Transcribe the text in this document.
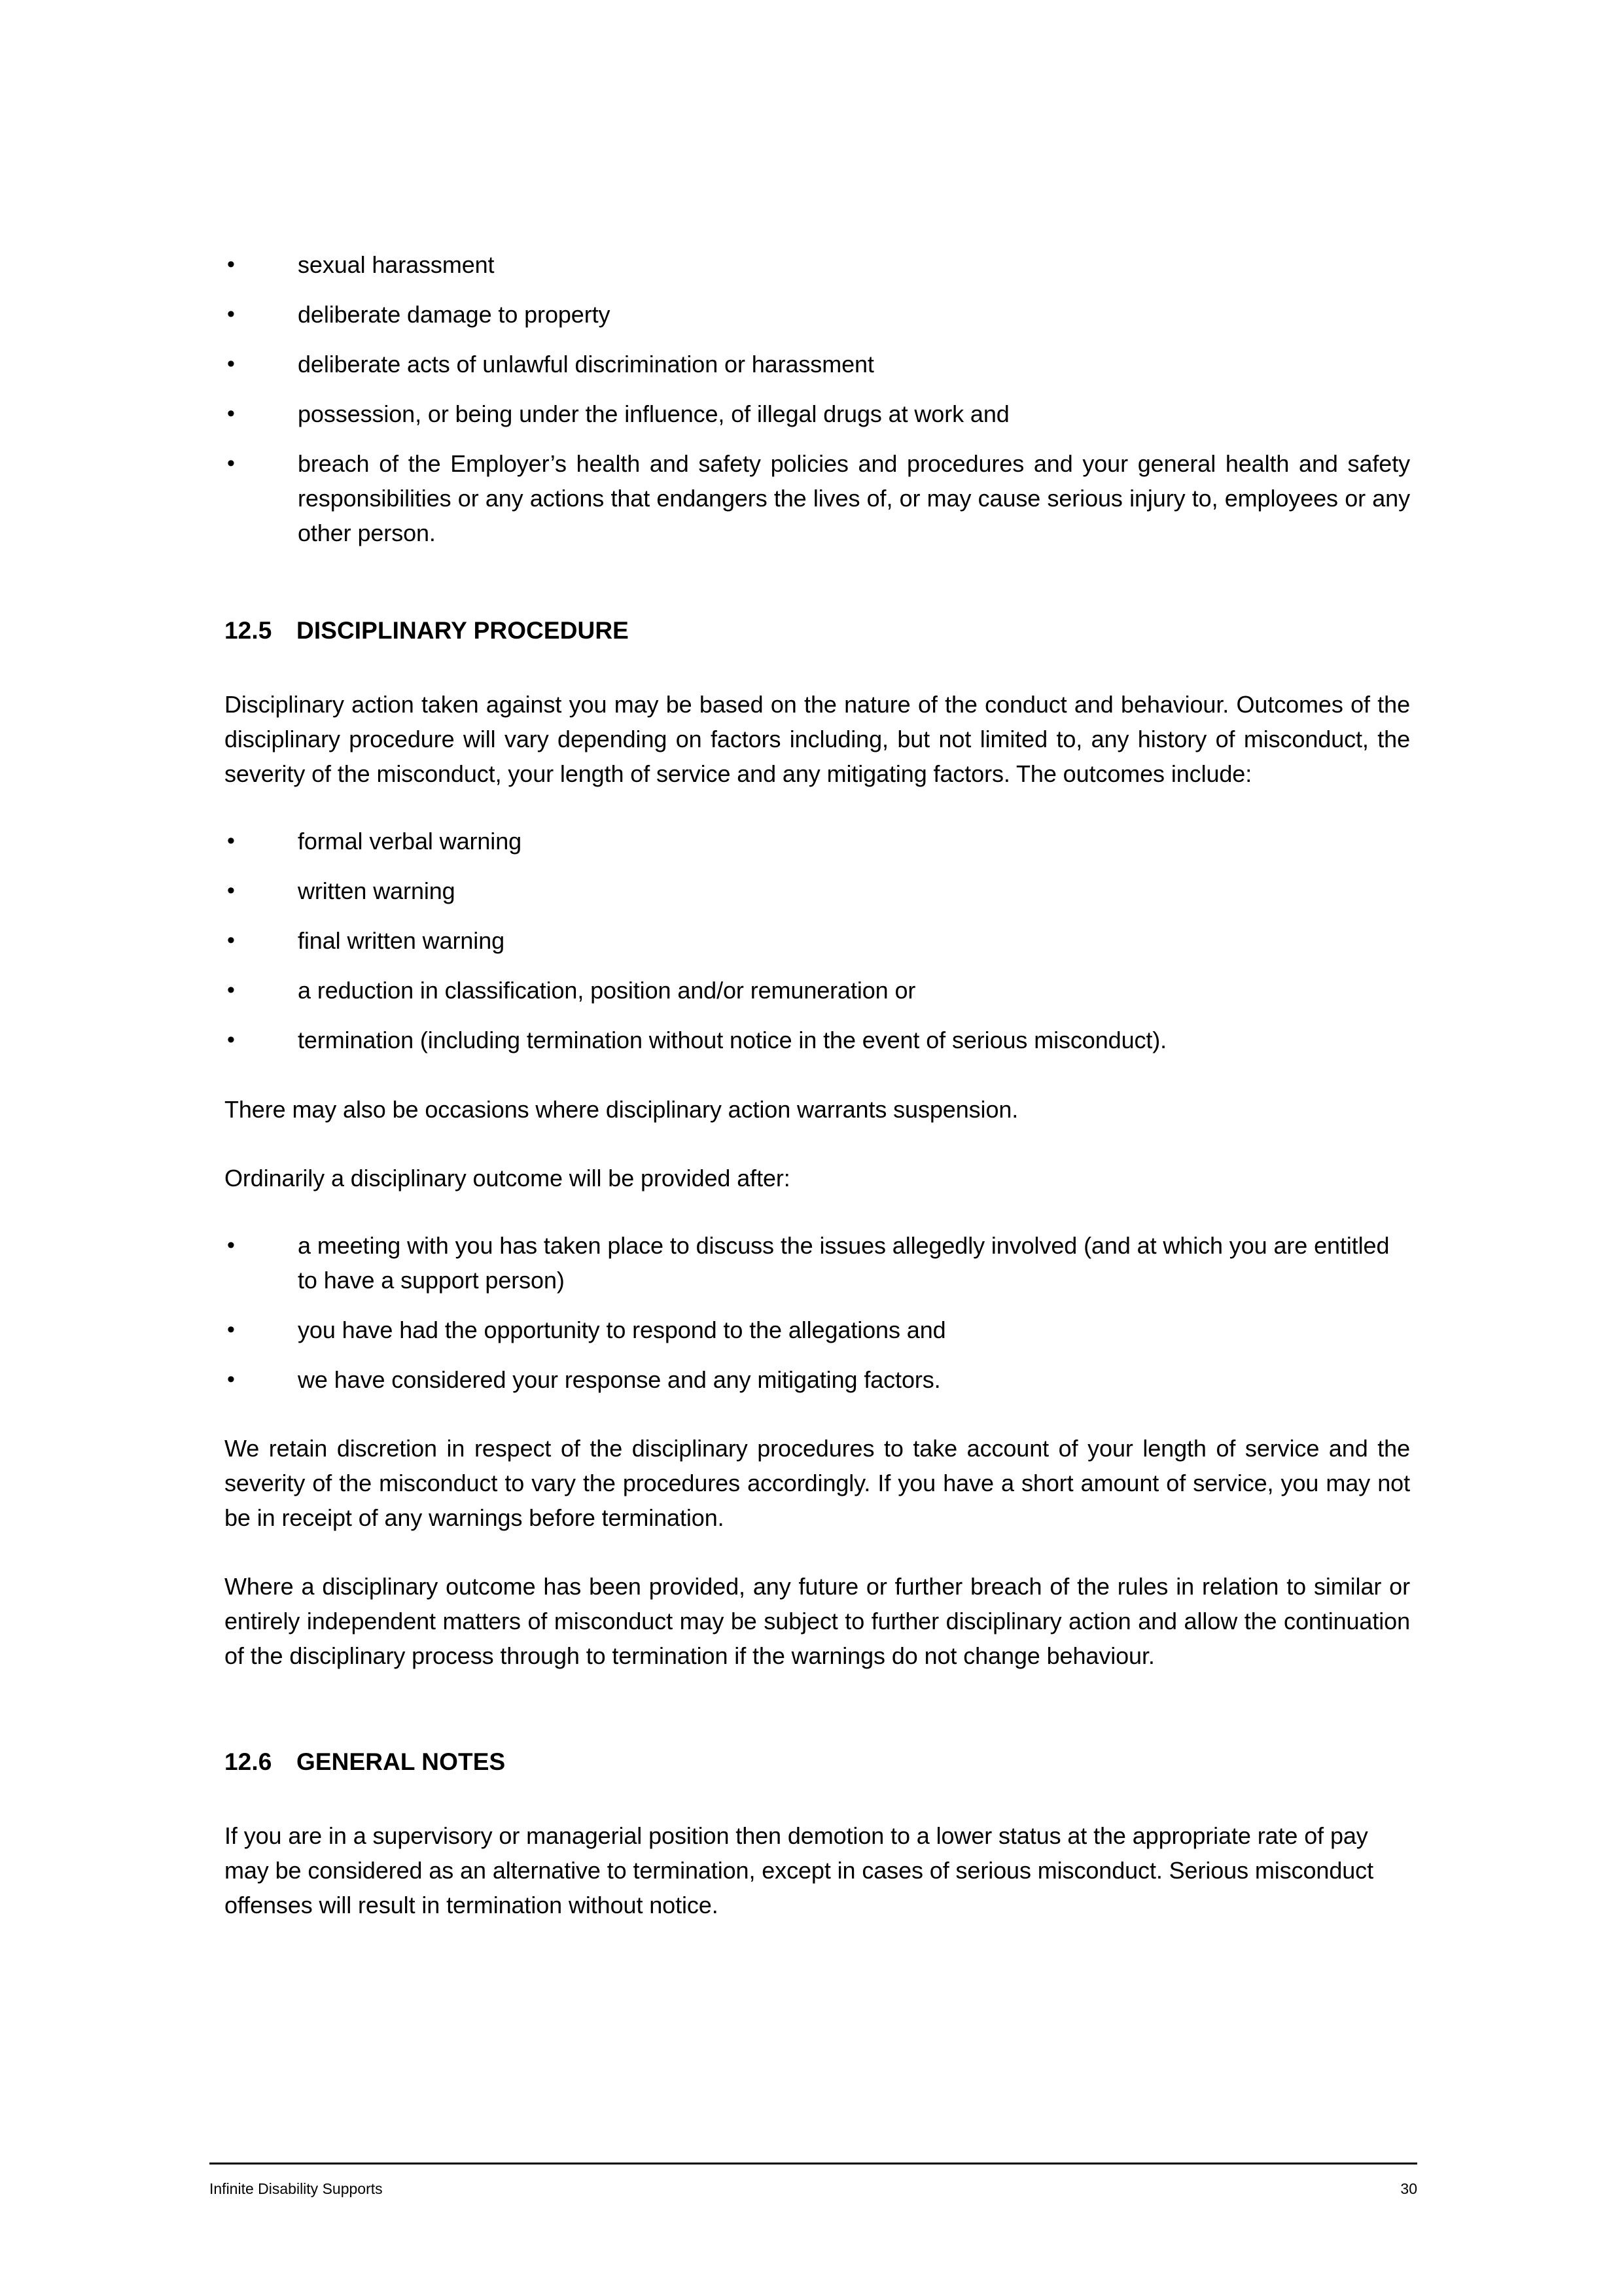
•	sexual harassment
•	deliberate damage to property
•	deliberate acts of unlawful discrimination or harassment
•	possession, or being under the influence, of illegal drugs at work and
•	breach of the Employer’s health and safety policies and procedures and your general health and safety responsibilities or any actions that endangers the lives of, or may cause serious injury to, employees or any other person.
12.5 DISCIPLINARY PROCEDURE

Disciplinary action taken against you may be based on the nature of the conduct and behaviour. Outcomes of the disciplinary procedure will vary depending on factors including, but not limited to, any history of misconduct, the severity of the misconduct, your length of service and any mitigating factors. The outcomes include:

•	formal verbal warning
•	written warning
•	final written warning
•	a reduction in classification, position and/or remuneration or
•	termination (including termination without notice in the event of serious misconduct).

There may also be occasions where disciplinary action warrants suspension.

Ordinarily a disciplinary outcome will be provided after:

•	a meeting with you has taken place to discuss the issues allegedly involved (and at which you are entitled to have a support person)
•	you have had the opportunity to respond to the allegations and
•	we have considered your response and any mitigating factors.

We retain discretion in respect of the disciplinary procedures to take account of your length of service and the severity of the misconduct to vary the procedures accordingly. If you have a short amount of service, you may not be in receipt of any warnings before termination.

Where a disciplinary outcome has been provided, any future or further breach of the rules in relation to similar or entirely independent matters of misconduct may be subject to further disciplinary action and allow the continuation of the disciplinary process through to termination if the warnings do not change behaviour.

12.6 GENERAL NOTES

If you are in a supervisory or managerial position then demotion to a lower status at the appropriate rate of pay may be considered as an alternative to termination, except in cases of serious misconduct. Serious misconduct offenses will result in termination without notice.

Infinite Disability Supports	30
